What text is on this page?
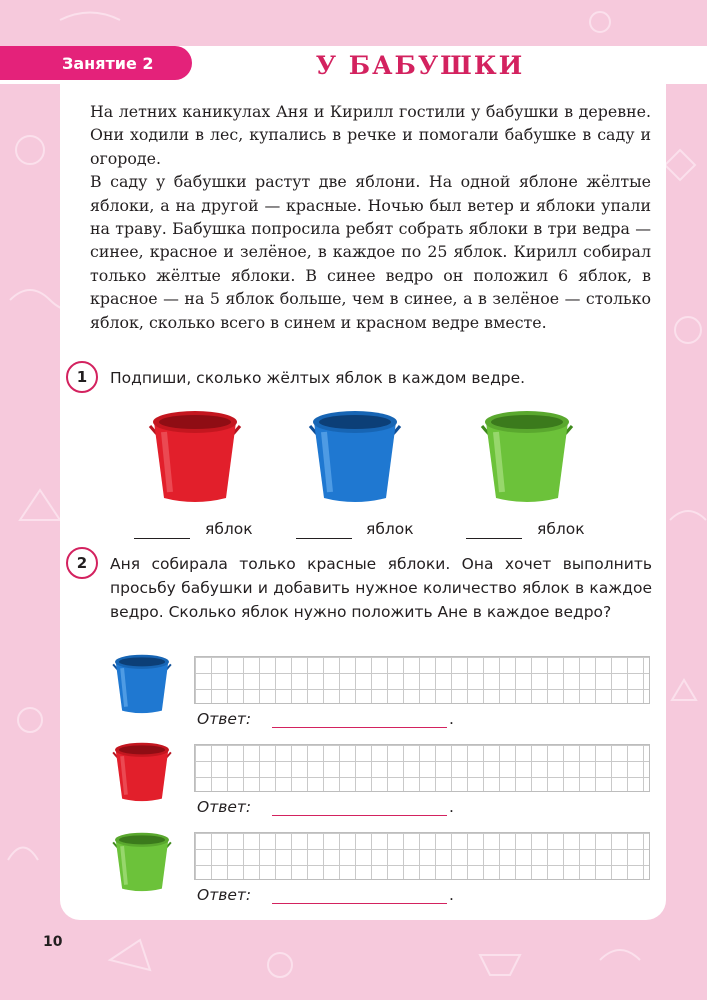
Занятие 2	У БАБУШКИ

На летних каникулах Аня и Кирилл гостили у бабушки в деревне. Они ходили в лес, купались в речке и помогали бабушке в саду и огороде.

В саду у бабушки растут две яблони. На одной яблоне жёлтые яблоки, а на другой — красные. Ночью был ветер и яблоки упали на траву. Бабушка попросила ребят собрать яблоки в три ведра — синее, красное и зелёное, в каждое по 25 яблок. Кирилл собирал только жёлтые яблоки. В синее ведро он положил 6 яблок, в красное — на 5 яблок больше, чем в синее, а в зелёное — столько яблок, сколько всего в синем и красном ведре вместе.

1	Подпиши, сколько жёлтых яблок в каждом ведре.

яблок	яблок	яблок
2	Аня собирала только красные яблоки. Она хочет выполнить просьбу бабушки и добавить нужное количество яблок в каждое ведро. Сколько яблок нужно положить Ане в каждое ведро?

Ответ:	.
Ответ:	.
Ответ:	.
10
